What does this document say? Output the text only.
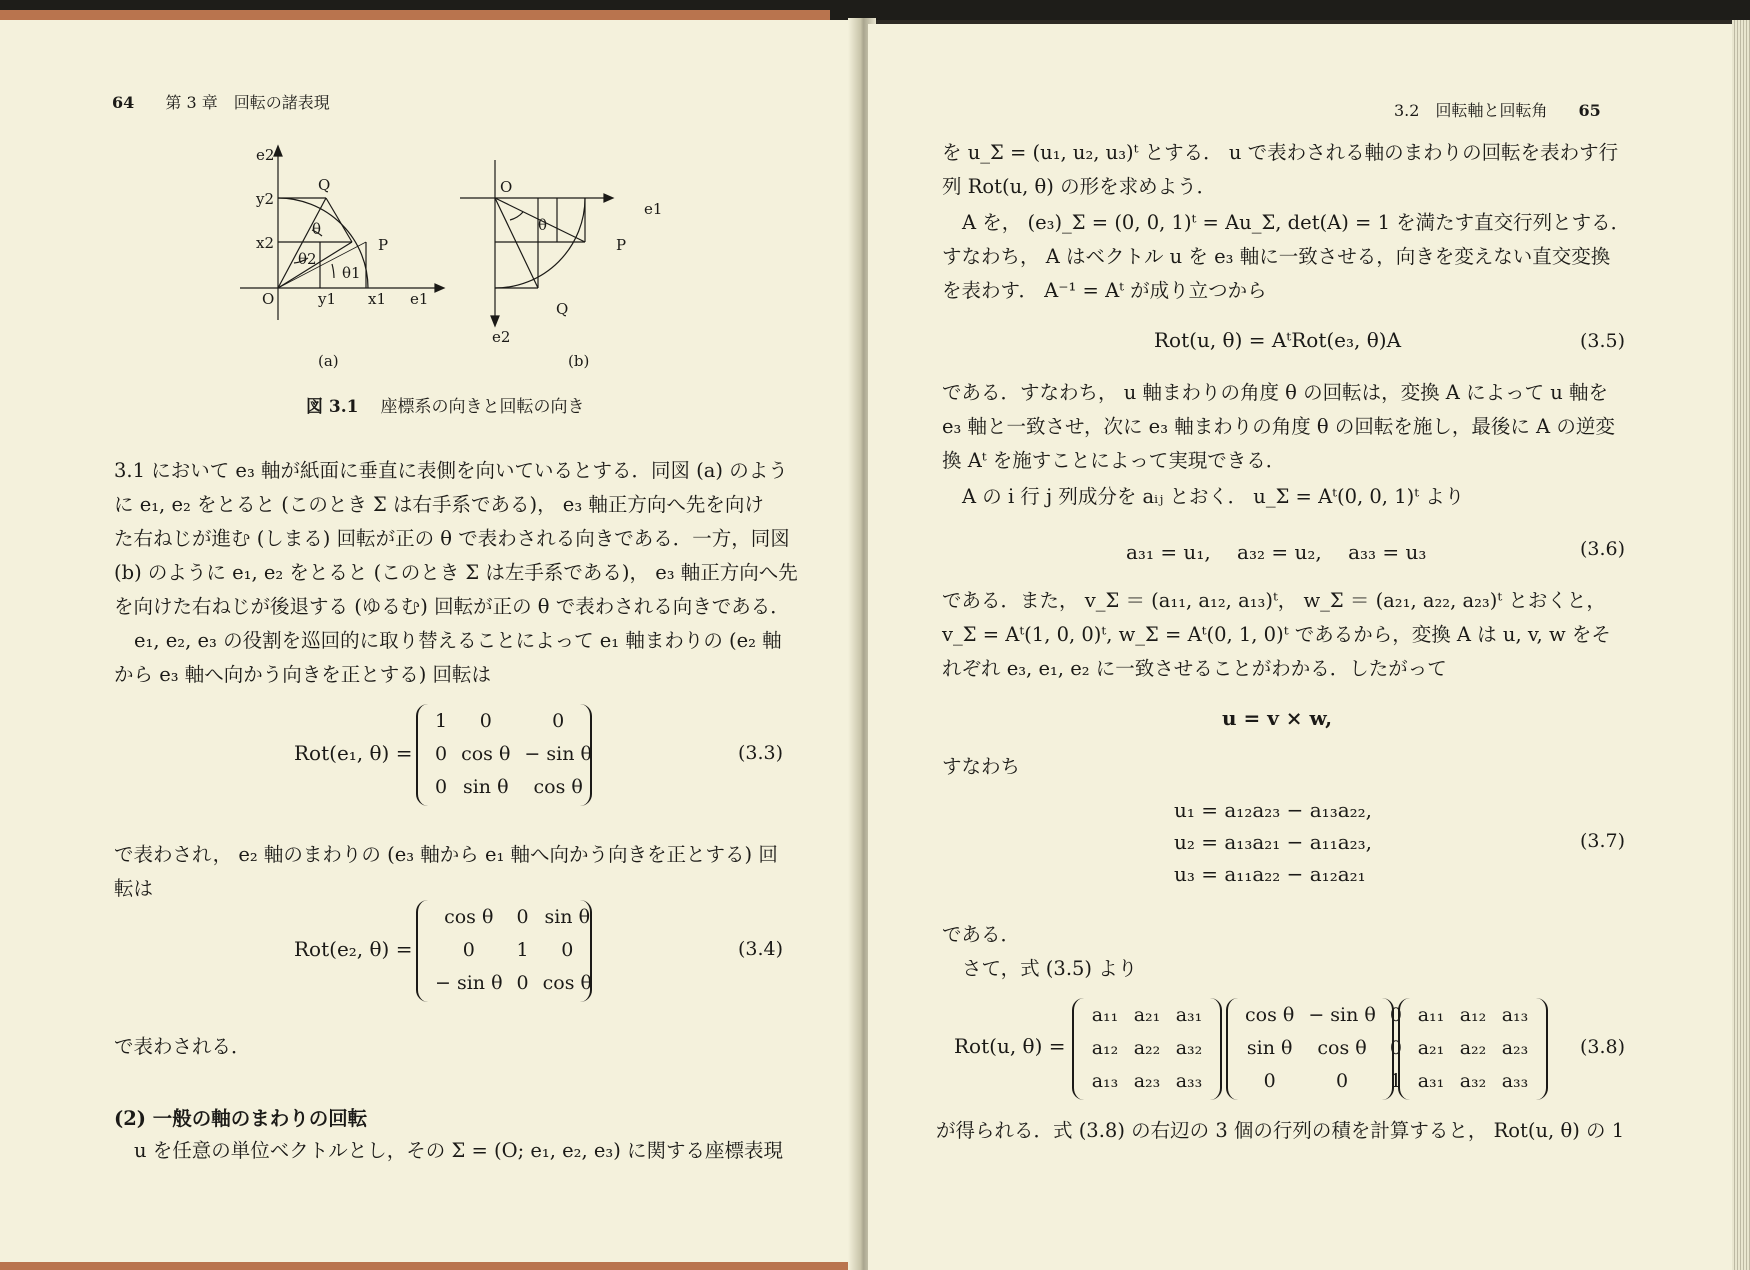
64 第 3 章　回転の諸表現
e2
y2
x2
Q
P
O	y1 x1 e1
θ
θ2
θ1
O
e1
θ
P
Q
e2
(a)	(b)
図 3.1 座標系の向きと回転の向き
3.1 において e₃ 軸が紙面に垂直に表側を向いているとする．同図 (a) のよう
に e₁, e₂ をとると (このとき Σ は右手系である)， e₃ 軸正方向へ先を向け
た右ねじが進む (しまる) 回転が正の θ で表わされる向きである．一方，同図
(b) のように e₁, e₂ をとると (このとき Σ は左手系である)， e₃ 軸正方向へ先
を向けた右ねじが後退する (ゆるむ) 回転が正の θ で表わされる向きである．
e₁, e₂, e₃ の役割を巡回的に取り替えることによって e₁ 軸まわりの (e₂ 軸
から e₃ 軸へ向かう向きを正とする) 回転は
Rot(e₁, θ) =
1	0	0
0	cos θ	− sin θ
0	sin θ	cos θ
(3.3)
で表わされ， e₂ 軸のまわりの (e₃ 軸から e₁ 軸へ向かう向きを正とする) 回
転は
Rot(e₂, θ) =
cos θ	0	sin θ
0	1	0
− sin θ	0	cos θ
(3.4)
で表わされる．
(2) 一般の軸のまわりの回転
u を任意の単位ベクトルとし，その Σ = (O; e₁, e₂, e₃) に関する座標表現
3.2　回転軸と回転角 65
を u_Σ = (u₁, u₂, u₃)ᵗ とする． u で表わされる軸のまわりの回転を表わす行
列 Rot(u, θ) の形を求めよう．
A を， (e₃)_Σ = (0, 0, 1)ᵗ = Au_Σ, det(A) = 1 を満たす直交行列とする．
すなわち， A はベクトル u を e₃ 軸に一致させる，向きを変えない直交変換
を表わす． A⁻¹ = Aᵗ が成り立つから
Rot(u, θ) = AᵗRot(e₃, θ)A	(3.5)
である．すなわち， u 軸まわりの角度 θ の回転は，変換 A によって u 軸を
e₃ 軸と一致させ，次に e₃ 軸まわりの角度 θ の回転を施し，最後に A の逆変
換 Aᵗ を施すことによって実現できる．
A の i 行 j 列成分を aᵢⱼ とおく． u_Σ = Aᵗ(0, 0, 1)ᵗ より
a₃₁ = u₁,　 a₃₂ = u₂,　 a₃₃ = u₃	(3.6)
である．また， v_Σ ＝ (a₁₁, a₁₂, a₁₃)ᵗ， w_Σ ＝ (a₂₁, a₂₂, a₂₃)ᵗ とおくと，
v_Σ = Aᵗ(1, 0, 0)ᵗ, w_Σ = Aᵗ(0, 1, 0)ᵗ であるから，変換 A は u, v, w をそ
れぞれ e₃, e₁, e₂ に一致させることがわかる．したがって
u = v × w,
すなわち
u₁ = a₁₂a₂₃ − a₁₃a₂₂,
u₂ = a₁₃a₂₁ − a₁₁a₂₃,
u₃ = a₁₁a₂₂ − a₁₂a₂₁
(3.7)
である．
さて，式 (3.5) より
Rot(u, θ) =
a₁₁	a₂₁	a₃₁
a₁₂	a₂₂	a₃₂
a₁₃	a₂₃	a₃₃
cos θ	− sin θ	0
sin θ	cos θ	0
0	0	1
a₁₁	a₁₂	a₁₃
a₂₁	a₂₂	a₂₃
a₃₁	a₃₂	a₃₃
(3.8)
が得られる．式 (3.8) の右辺の 3 個の行列の積を計算すると， Rot(u, θ) の 1
